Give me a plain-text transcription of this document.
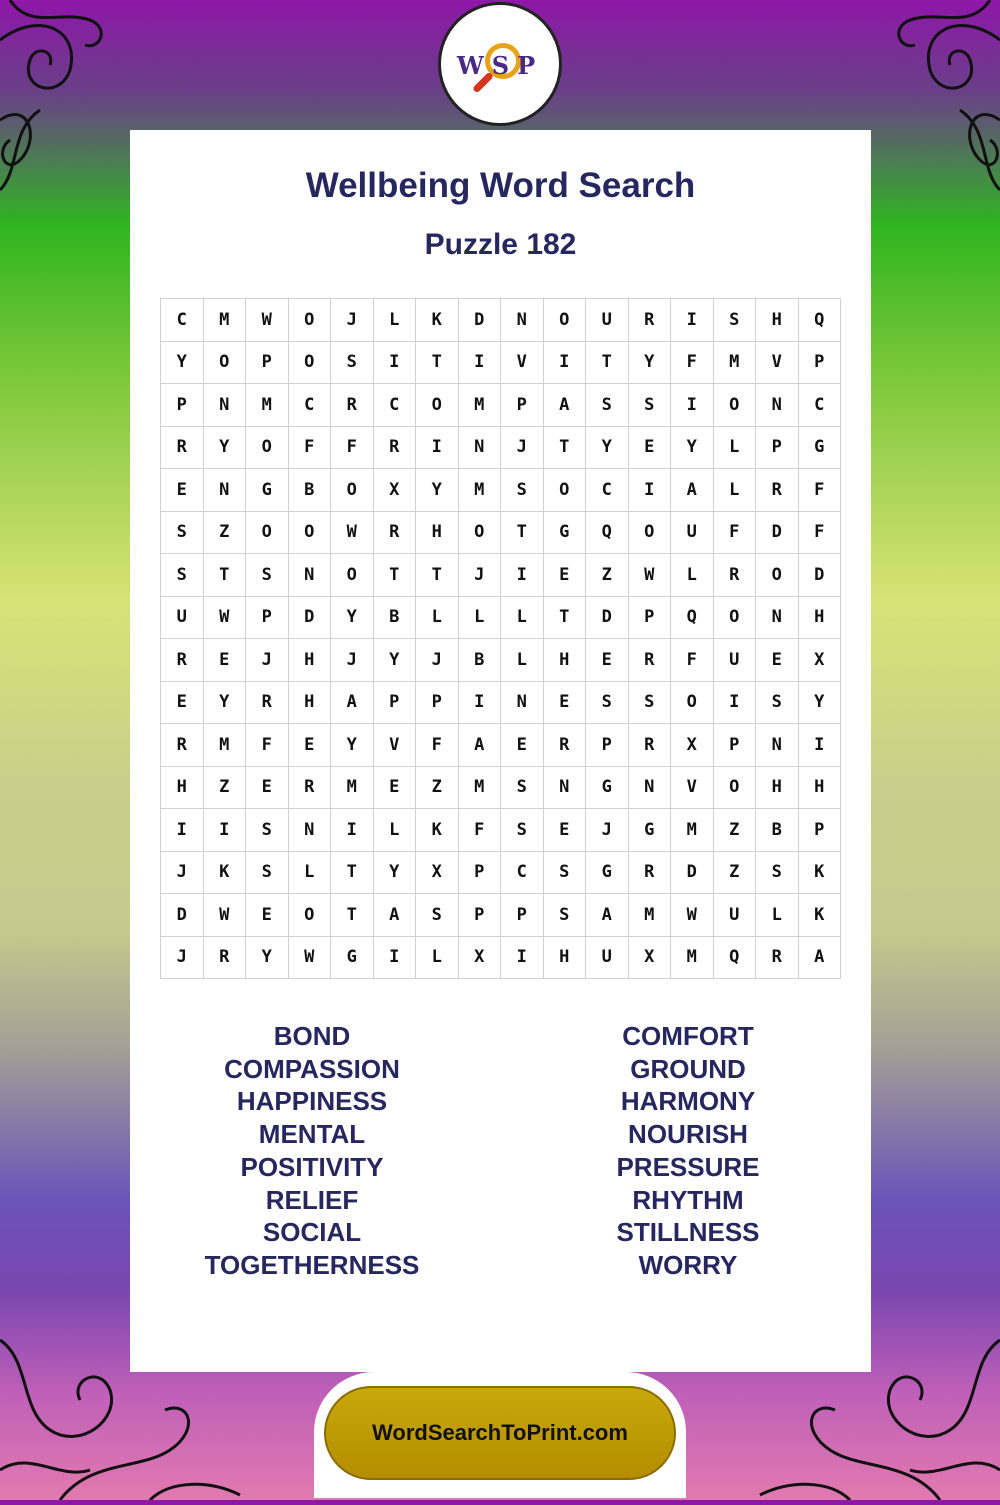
WSP
Wellbeing Word Search
Puzzle 182
C	M	W	O	J	L	K	D	N	O	U	R	I	S	H	Q
Y	O	P	O	S	I	T	I	V	I	T	Y	F	M	V	P
P	N	M	C	R	C	O	M	P	A	S	S	I	O	N	C
R	Y	O	F	F	R	I	N	J	T	Y	E	Y	L	P	G
E	N	G	B	O	X	Y	M	S	O	C	I	A	L	R	F
S	Z	O	O	W	R	H	O	T	G	Q	O	U	F	D	F
S	T	S	N	O	T	T	J	I	E	Z	W	L	R	O	D
U	W	P	D	Y	B	L	L	L	T	D	P	Q	O	N	H
R	E	J	H	J	Y	J	B	L	H	E	R	F	U	E	X
E	Y	R	H	A	P	P	I	N	E	S	S	O	I	S	Y
R	M	F	E	Y	V	F	A	E	R	P	R	X	P	N	I
H	Z	E	R	M	E	Z	M	S	N	G	N	V	O	H	H
I	I	S	N	I	L	K	F	S	E	J	G	M	Z	B	P
J	K	S	L	T	Y	X	P	C	S	G	R	D	Z	S	K
D	W	E	O	T	A	S	P	P	S	A	M	W	U	L	K
J	R	Y	W	G	I	L	X	I	H	U	X	M	Q	R	A
BOND
COMPASSION
HAPPINESS
MENTAL
POSITIVITY
RELIEF
SOCIAL
TOGETHERNESS
COMFORT
GROUND
HARMONY
NOURISH
PRESSURE
RHYTHM
STILLNESS
WORRY
WordSearchToPrint.com
